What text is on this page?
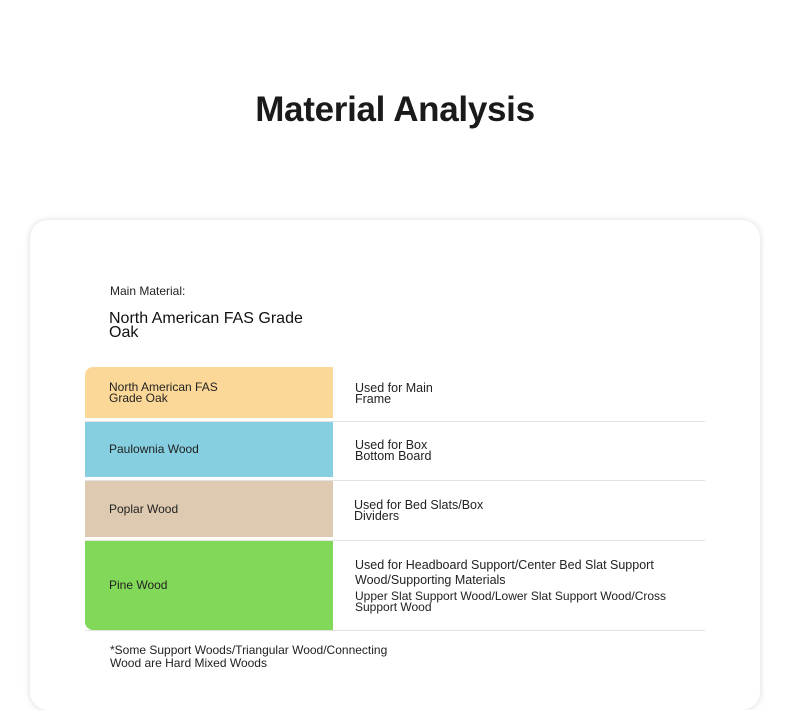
Material Analysis
Main Material:
North American FAS Grade Oak
North American FAS Grade Oak
Used for Main Frame
Paulownia Wood	Used for Box Bottom Board
Poplar Wood	Used for Bed Slats/Box Dividers
Pine Wood
Used for Headboard Support/Center Bed Slat Support Wood/Supporting Materials
Upper Slat Support Wood/Lower Slat Support Wood/Cross Support Wood
*Some Support Woods/Triangular Wood/Connecting Wood are Hard Mixed Woods
